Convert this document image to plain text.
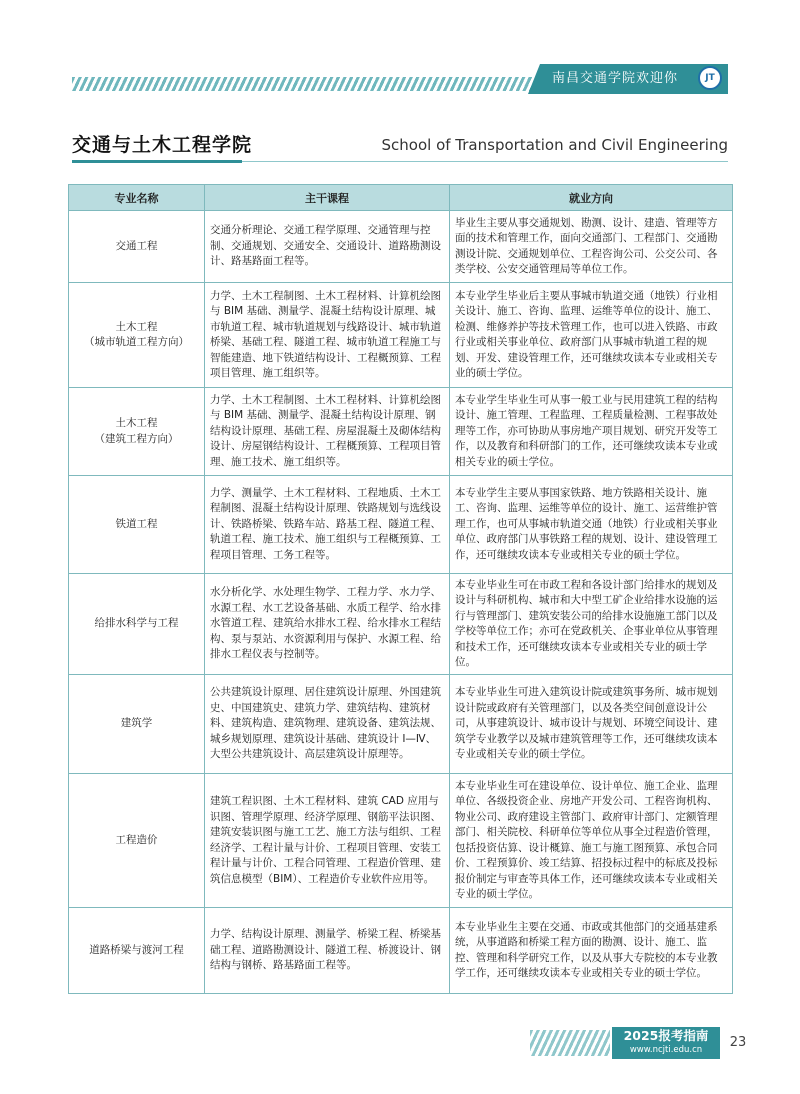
南昌交通学院欢迎你	JT
交通与土木工程学院	School of Transportation and Civil Engineering
专业名称	主干课程	就业方向
交通工程	交通分析理论、交通工程学原理、交通管理与控制、交通规划、交通安全、交通设计、道路勘测设计、路基路面工程等。	毕业生主要从事交通规划、勘测、设计、建造、管理等方面的技术和管理工作，面向交通部门、工程部门、交通勘测设计院、交通规划单位、工程咨询公司、公交公司、各类学校、公安交通管理局等单位工作。
土木工程
（城市轨道工程方向）	力学、土木工程制图、土木工程材料、计算机绘图与 BIM 基础、测量学、混凝土结构设计原理、城市轨道工程、城市轨道规划与线路设计、城市轨道桥梁、基础工程、隧道工程、城市轨道工程施工与智能建造、地下铁道结构设计、工程概预算、工程项目管理、施工组织等。	本专业学生毕业后主要从事城市轨道交通（地铁）行业相关设计、施工、咨询、监理、运维等单位的设计、施工、检测、维修养护等技术管理工作，也可以进入铁路、市政行业或相关事业单位、政府部门从事城市轨道工程的规划、开发、建设管理工作，还可继续攻读本专业或相关专业的硕士学位。
土木工程
（建筑工程方向）	力学、土木工程制图、土木工程材料、计算机绘图与 BIM 基础、测量学、混凝土结构设计原理、钢结构设计原理、基础工程、房屋混凝土及砌体结构设计、房屋钢结构设计、工程概预算、工程项目管理、施工技术、施工组织等。	本专业学生毕业生可从事一般工业与民用建筑工程的结构设计、施工管理、工程监理、工程质量检测、工程事故处理等工作，亦可协助从事房地产项目规划、研究开发等工作，以及教育和科研部门的工作，还可继续攻读本专业或相关专业的硕士学位。
铁道工程	力学、测量学、土木工程材料、工程地质、土木工程制图、混凝土结构设计原理、铁路规划与选线设计、铁路桥梁、铁路车站、路基工程、隧道工程、轨道工程、施工技术、施工组织与工程概预算、工程项目管理、工务工程等。	本专业学生主要从事国家铁路、地方铁路相关设计、施工、咨询、监理、运维等单位的设计、施工、运营维护管理工作，也可从事城市轨道交通（地铁）行业或相关事业单位、政府部门从事铁路工程的规划、设计、建设管理工作，还可继续攻读本专业或相关专业的硕士学位。
给排水科学与工程	水分析化学、水处理生物学、工程力学、水力学、水源工程、水工艺设备基础、水质工程学、给水排水管道工程、建筑给水排水工程、给水排水工程结构、泵与泵站、水资源利用与保护、水源工程、给排水工程仪表与控制等。	本专业毕业生可在市政工程和各设计部门给排水的规划及设计与科研机构、城市和大中型工矿企业给排水设施的运行与管理部门、建筑安装公司的给排水设施施工部门以及学校等单位工作；亦可在党政机关、企事业单位从事管理和技术工作，还可继续攻读本专业或相关专业的硕士学位。
建筑学	公共建筑设计原理、居住建筑设计原理、外国建筑史、中国建筑史、建筑力学、建筑结构、建筑材料、建筑构造、建筑物理、建筑设备、建筑法规、城乡规划原理、建筑设计基础、建筑设计 Ⅰ—Ⅳ、大型公共建筑设计、高层建筑设计原理等。	本专业毕业生可进入建筑设计院或建筑事务所、城市规划设计院或政府有关管理部门，以及各类空间创意设计公司，从事建筑设计、城市设计与规划、环境空间设计、建筑学专业教学以及城市建筑管理等工作，还可继续攻读本专业或相关专业的硕士学位。
工程造价	建筑工程识图、土木工程材料、建筑 CAD 应用与识图、管理学原理、经济学原理、钢筋平法识图、建筑安装识图与施工工艺、施工方法与组织、工程经济学、工程计量与计价、工程项目管理、安装工程计量与计价、工程合同管理、工程造价管理、建筑信息模型（BIM）、工程造价专业软件应用等。	本专业毕业生可在建设单位、设计单位、施工企业、监理单位、各级投资企业、房地产开发公司、工程咨询机构、物业公司、政府建设主管部门、政府审计部门、定额管理部门、相关院校、科研单位等单位从事全过程造价管理，包括投资估算、设计概算、施工与施工图预算、承包合同价、工程预算价、竣工结算、招投标过程中的标底及投标报价制定与审查等具体工作，还可继续攻读本专业或相关专业的硕士学位。
道路桥梁与渡河工程	力学、结构设计原理、测量学、桥梁工程、桥梁基础工程、道路勘测设计、隧道工程、桥渡设计、钢结构与钢桥、路基路面工程等。	本专业毕业生主要在交通、市政或其他部门的交通基建系统，从事道路和桥梁工程方面的勘测、设计、施工、监控、管理和科学研究工作，以及从事大专院校的本专业教学工作，还可继续攻读本专业或相关专业的硕士学位。
2025报考指南
www.ncjti.edu.cn	23
